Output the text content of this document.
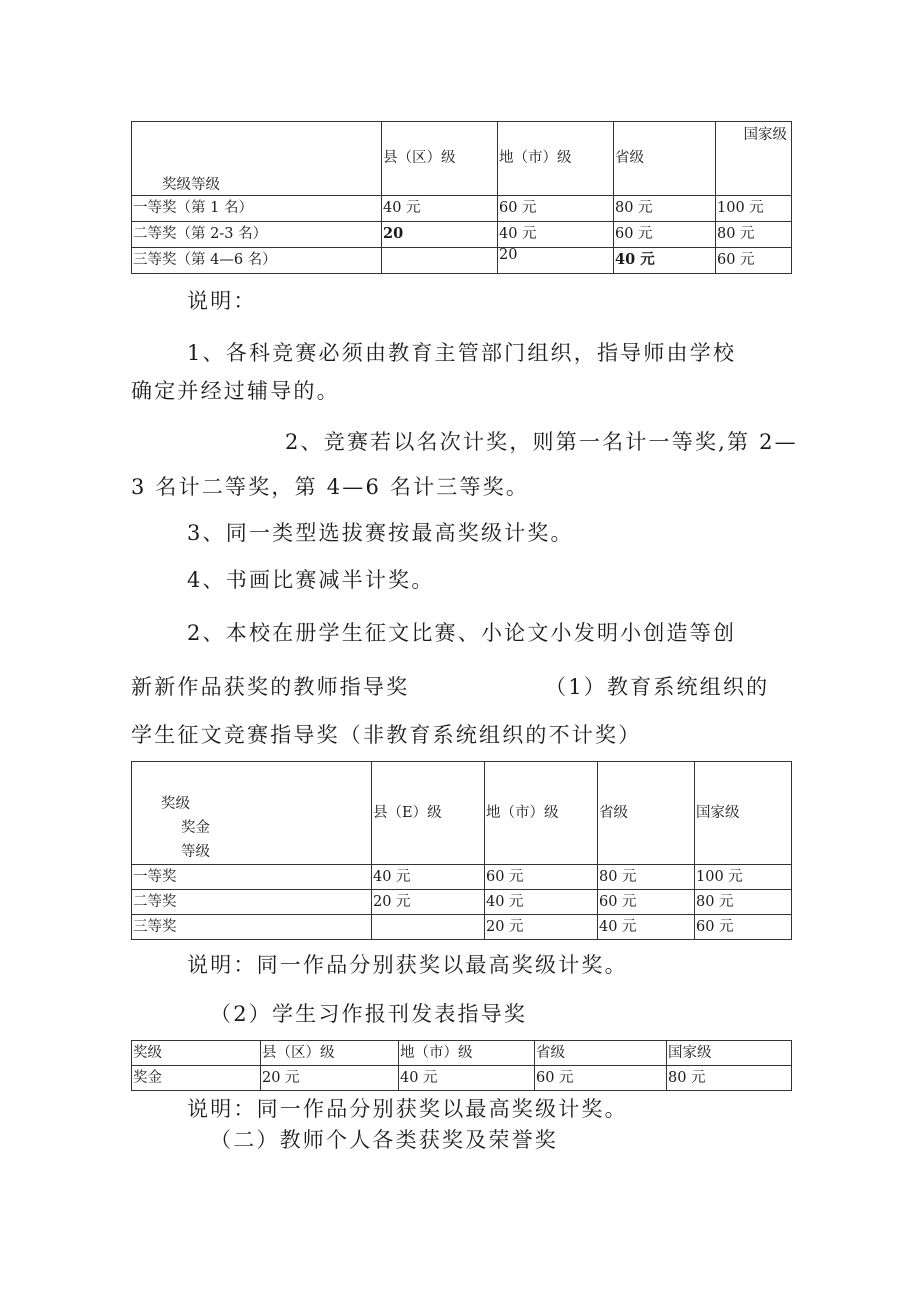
奖级等级	县（区）级	地（市）级	省级	国家级
一等奖（第 1 名）	40 元	60 元	80 元	100 元
二等奖（第 2-3 名）	20	40 元	60 元	80 元
三等奖（第 4—6 名）		20	40 元	60 元
说明：
1、各科竞赛必须由教育主管部门组织，指导师由学校
确定并经过辅导的。
2、竞赛若以名次计奖，则第一名计一等奖,第 2—
3 名计二等奖，第 4—6 名计三等奖。
3、同一类型选拔赛按最高奖级计奖。
4、书画比赛减半计奖。
2、本校在册学生征文比赛、小论文小发明小创造等创
新新作品获奖的教师指导奖	（1）教育系统组织的
学生征文竞赛指导奖（非教育系统组织的不计奖）
奖级
奖金
等级	县（E）级	地（市）级	省级	国家级
一等奖	40 元	60 元	80 元	100 元
二等奖	20 元	40 元	60 元	80 元
三等奖		20 元	40 元	60 元
说明：同一作品分别获奖以最高奖级计奖。
（2）学生习作报刊发表指导奖
奖级	县（区）级	地（市）级	省级	国家级
奖金	20 元	40 元	60 元	80 元
说明：同一作品分别获奖以最高奖级计奖。
（二）教师个人各类获奖及荣誉奖
